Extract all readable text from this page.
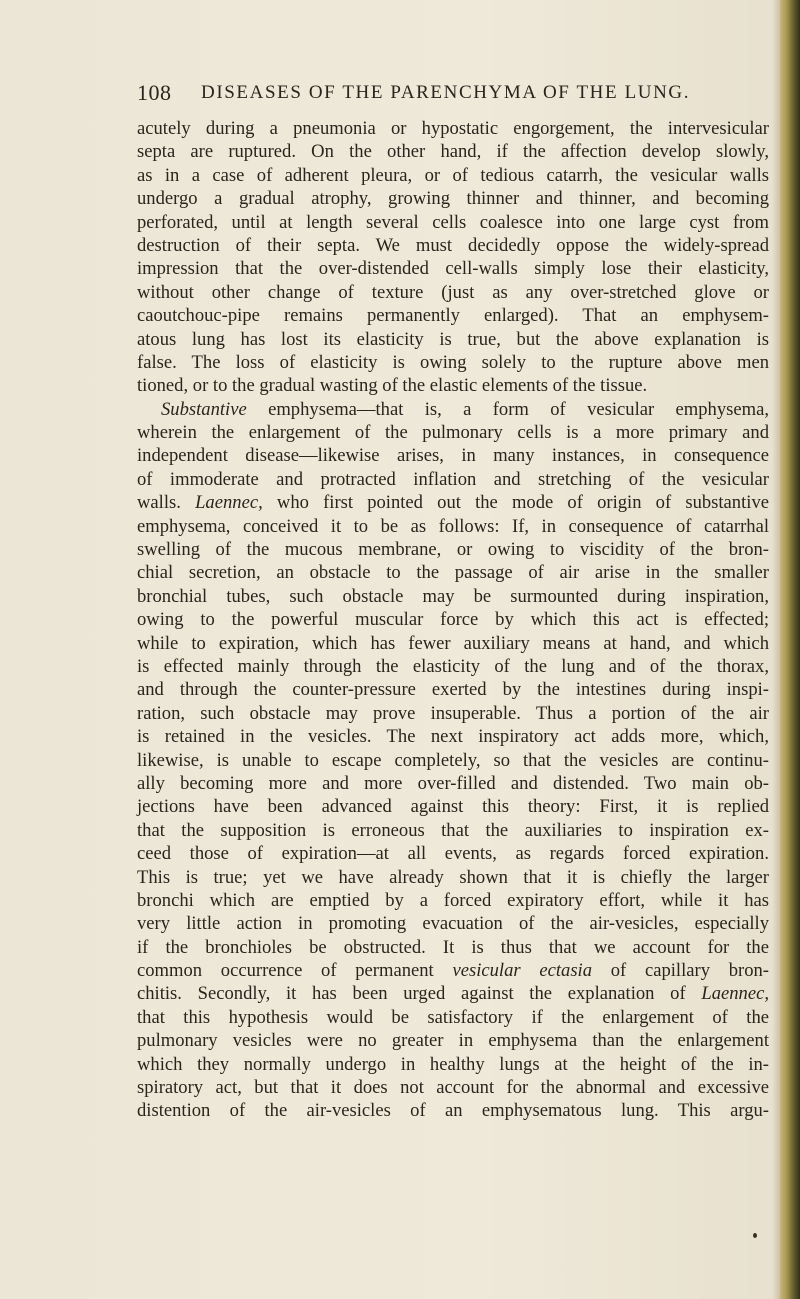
108 DISEASES OF THE PARENCHYMA OF THE LUNG.
acutely during a pneumonia or hypostatic engorgement, the intervesicular
septa are ruptured. On the other hand, if the affection develop slowly,
as in a case of adherent pleura, or of tedious catarrh, the vesicular walls
undergo a gradual atrophy, growing thinner and thinner, and becoming
perforated, until at length several cells coalesce into one large cyst from
destruction of their septa. We must decidedly oppose the widely-spread
impression that the over-distended cell-walls simply lose their elasticity,
without other change of texture (just as any over-stretched glove or
caoutchouc-pipe remains permanently enlarged). That an emphysem-
atous lung has lost its elasticity is true, but the above explanation is
false. The loss of elasticity is owing solely to the rupture above men
tioned, or to the gradual wasting of the elastic elements of the tissue.
Substantive emphysema—that is, a form of vesicular emphysema,
wherein the enlargement of the pulmonary cells is a more primary and
independent disease—likewise arises, in many instances, in consequence
of immoderate and protracted inflation and stretching of the vesicular
walls. Laennec, who first pointed out the mode of origin of substantive
emphysema, conceived it to be as follows: If, in consequence of catarrhal
swelling of the mucous membrane, or owing to viscidity of the bron-
chial secretion, an obstacle to the passage of air arise in the smaller
bronchial tubes, such obstacle may be surmounted during inspiration,
owing to the powerful muscular force by which this act is effected;
while to expiration, which has fewer auxiliary means at hand, and which
is effected mainly through the elasticity of the lung and of the thorax,
and through the counter-pressure exerted by the intestines during inspi-
ration, such obstacle may prove insuperable. Thus a portion of the air
is retained in the vesicles. The next inspiratory act adds more, which,
likewise, is unable to escape completely, so that the vesicles are continu-
ally becoming more and more over-filled and distended. Two main ob-
jections have been advanced against this theory: First, it is replied
that the supposition is erroneous that the auxiliaries to inspiration ex-
ceed those of expiration—at all events, as regards forced expiration.
This is true; yet we have already shown that it is chiefly the larger
bronchi which are emptied by a forced expiratory effort, while it has
very little action in promoting evacuation of the air-vesicles, especially
if the bronchioles be obstructed. It is thus that we account for the
common occurrence of permanent vesicular ectasia of capillary bron-
chitis. Secondly, it has been urged against the explanation of Laennec,
that this hypothesis would be satisfactory if the enlargement of the
pulmonary vesicles were no greater in emphysema than the enlargement
which they normally undergo in healthy lungs at the height of the in-
spiratory act, but that it does not account for the abnormal and excessive
distention of the air-vesicles of an emphysematous lung. This argu-
